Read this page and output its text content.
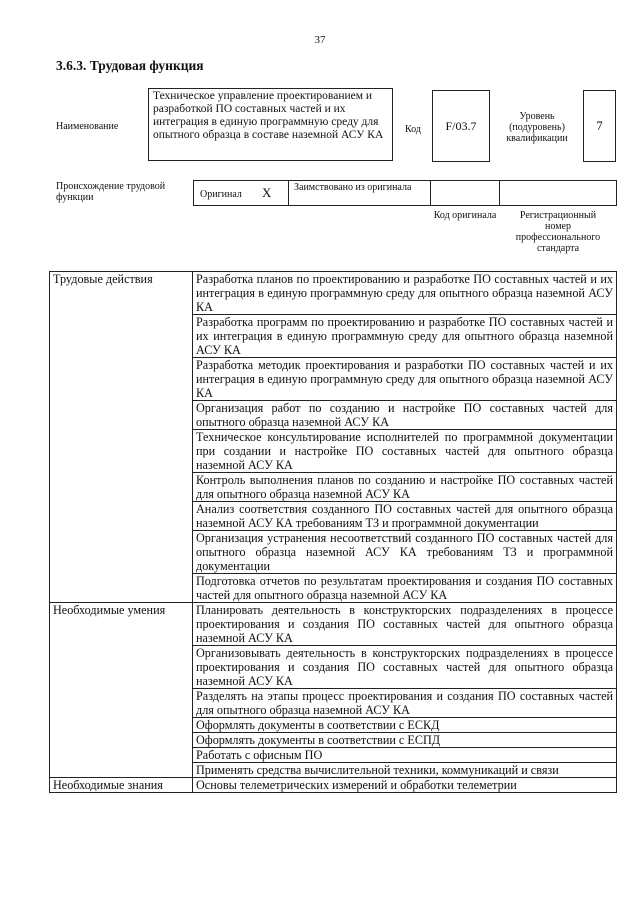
37
3.6.3. Трудовая функция
Наименование
Техническое управление проектированием и разработкой ПО составных частей и их интеграция в единую программную среду для опытного образца в составе наземной АСУ КА	Код	F/03.7
Уровень (подуровень) квалификации
7
Происхождение трудовой функции	Оригинал X Заимствовано из оригинала
Код оригинала	Регистрационный номер профессионального стандарта
Трудовые действия	Разработка планов по проектированию и разработке ПО составных частей и их интеграция в единую программную среду для опытного образца наземной АСУ КА
	Разработка программ по проектированию и разработке ПО составных частей и их интеграция в единую программную среду для опытного образца наземной АСУ КА
	Разработка методик проектирования и разработки ПО составных частей и их интеграция в единую программную среду для опытного образца наземной АСУ КА
	Организация работ по созданию и настройке ПО составных частей для опытного образца наземной АСУ КА
	Техническое консультирование исполнителей по программной документации при создании и настройке ПО составных частей для опытного образца наземной АСУ КА
	Контроль выполнения планов по созданию и настройке ПО составных частей для опытного образца наземной АСУ КА
	Анализ соответствия созданного ПО составных частей для опытного образца наземной АСУ КА требованиям ТЗ и программной документации
	Организация устранения несоответствий созданного ПО составных частей для опытного образца наземной АСУ КА требованиям ТЗ и программной документации
	Подготовка отчетов по результатам проектирования и создания ПО составных частей для опытного образца наземной АСУ КА
Необходимые умения	Планировать деятельность в конструкторских подразделениях в процессе проектирования и создания ПО составных частей для опытного образца наземной АСУ КА
	Организовывать деятельность в конструкторских подразделениях в процессе проектирования и создания ПО составных частей для опытного образца наземной АСУ КА
	Разделять на этапы процесс проектирования и создания ПО составных частей для опытного образца наземной АСУ КА
	Оформлять документы в соответствии с ЕСКД
	Оформлять документы в соответствии с ЕСПД
	Работать с офисным ПО
	Применять средства вычислительной техники, коммуникаций и связи
Необходимые знания	Основы телеметрических измерений и обработки телеметрии
